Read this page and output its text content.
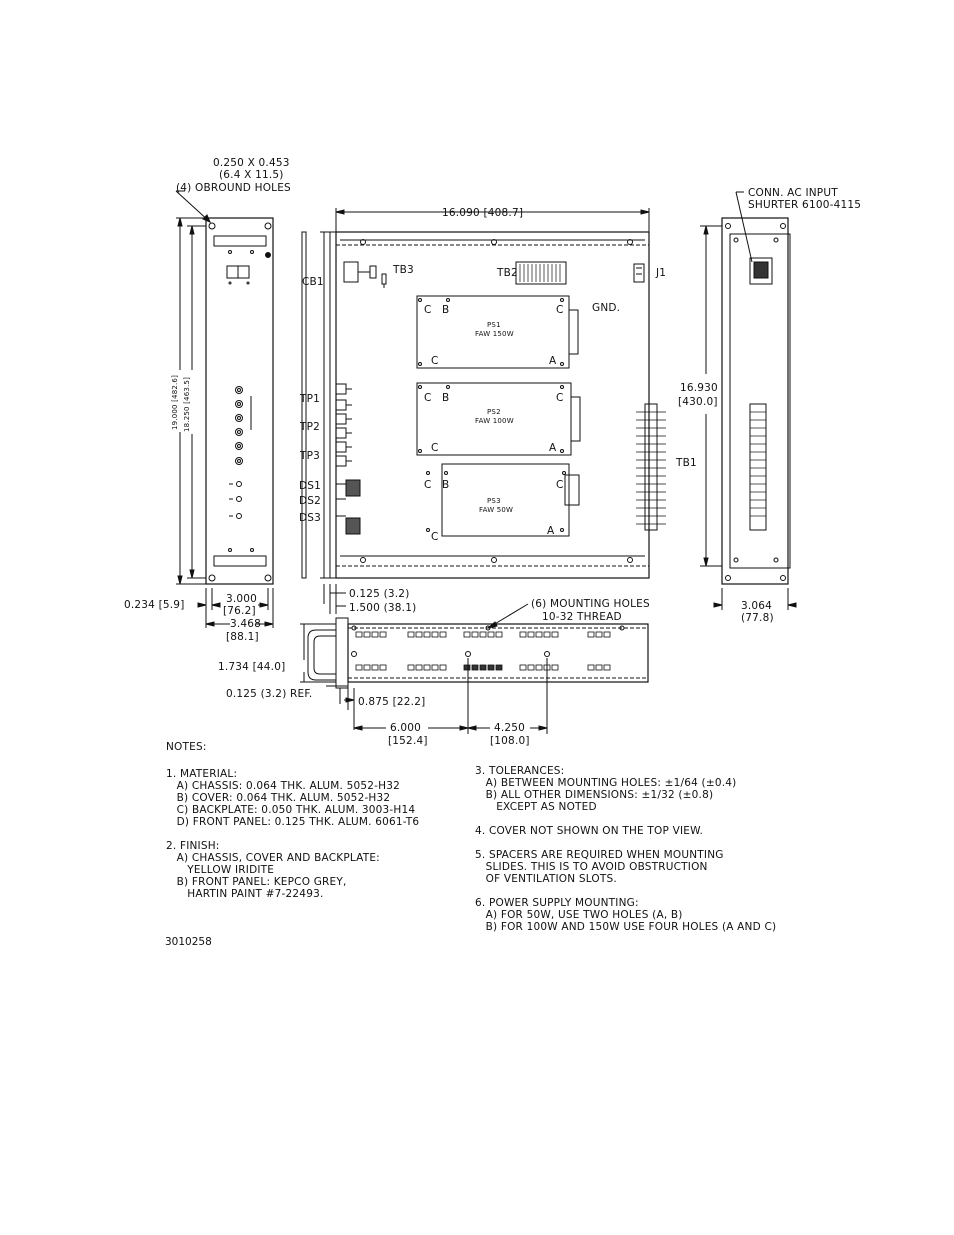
0.250 X 0.453
(6.4 X 11.5)
(4) OBROUND HOLES
16.090 [408.7]
CONN. AC INPUT
SHURTER 6100-4115
TB3	TB2	J1
CB1
GND.
PS1
FAW 150W
PS2
FAW 100W
PS3
FAW 50W
C B	C
C	A
C B	C
C	A
C B	C
C	A
TP1
TP2
TP3
DS1
DS2
DS3
TB1
16.930
[430.0]
19.000 [482.6] 18.250 [463.5]
0.234 [5.9]	3.000
[76.2]
3.468
[88.1]
0.125 (3.2)
1.500 (38.1)	(6) MOUNTING HOLES
10-32 THREAD
3.064
(77.8)
1.734 [44.0]
0.125 (3.2) REF.
0.875 [22.2]
6.000
[152.4]
4.250
[108.0]
NOTES:
1. MATERIAL:
A) CHASSIS: 0.064 THK. ALUM. 5052-H32
B) COVER: 0.064 THK. ALUM. 5052-H32
C) BACKPLATE: 0.050 THK. ALUM. 3003-H14
D) FRONT PANEL: 0.125 THK. ALUM. 6061-T6
2. FINISH:
A) CHASSIS, COVER AND BACKPLATE:
YELLOW IRIDITE
B) FRONT PANEL: KEPCO GREY,
HARTIN PAINT #7-22493.
3. TOLERANCES:
A) BETWEEN MOUNTING HOLES: ±1/64 (±0.4)
B) ALL OTHER DIMENSIONS: ±1/32 (±0.8)
EXCEPT AS NOTED
4. COVER NOT SHOWN ON THE TOP VIEW.
5. SPACERS ARE REQUIRED WHEN MOUNTING
SLIDES. THIS IS TO AVOID OBSTRUCTION
OF VENTILATION SLOTS.
6. POWER SUPPLY MOUNTING:
A) FOR 50W, USE TWO HOLES (A, B)
B) FOR 100W AND 150W USE FOUR HOLES (A AND C)
3010258
